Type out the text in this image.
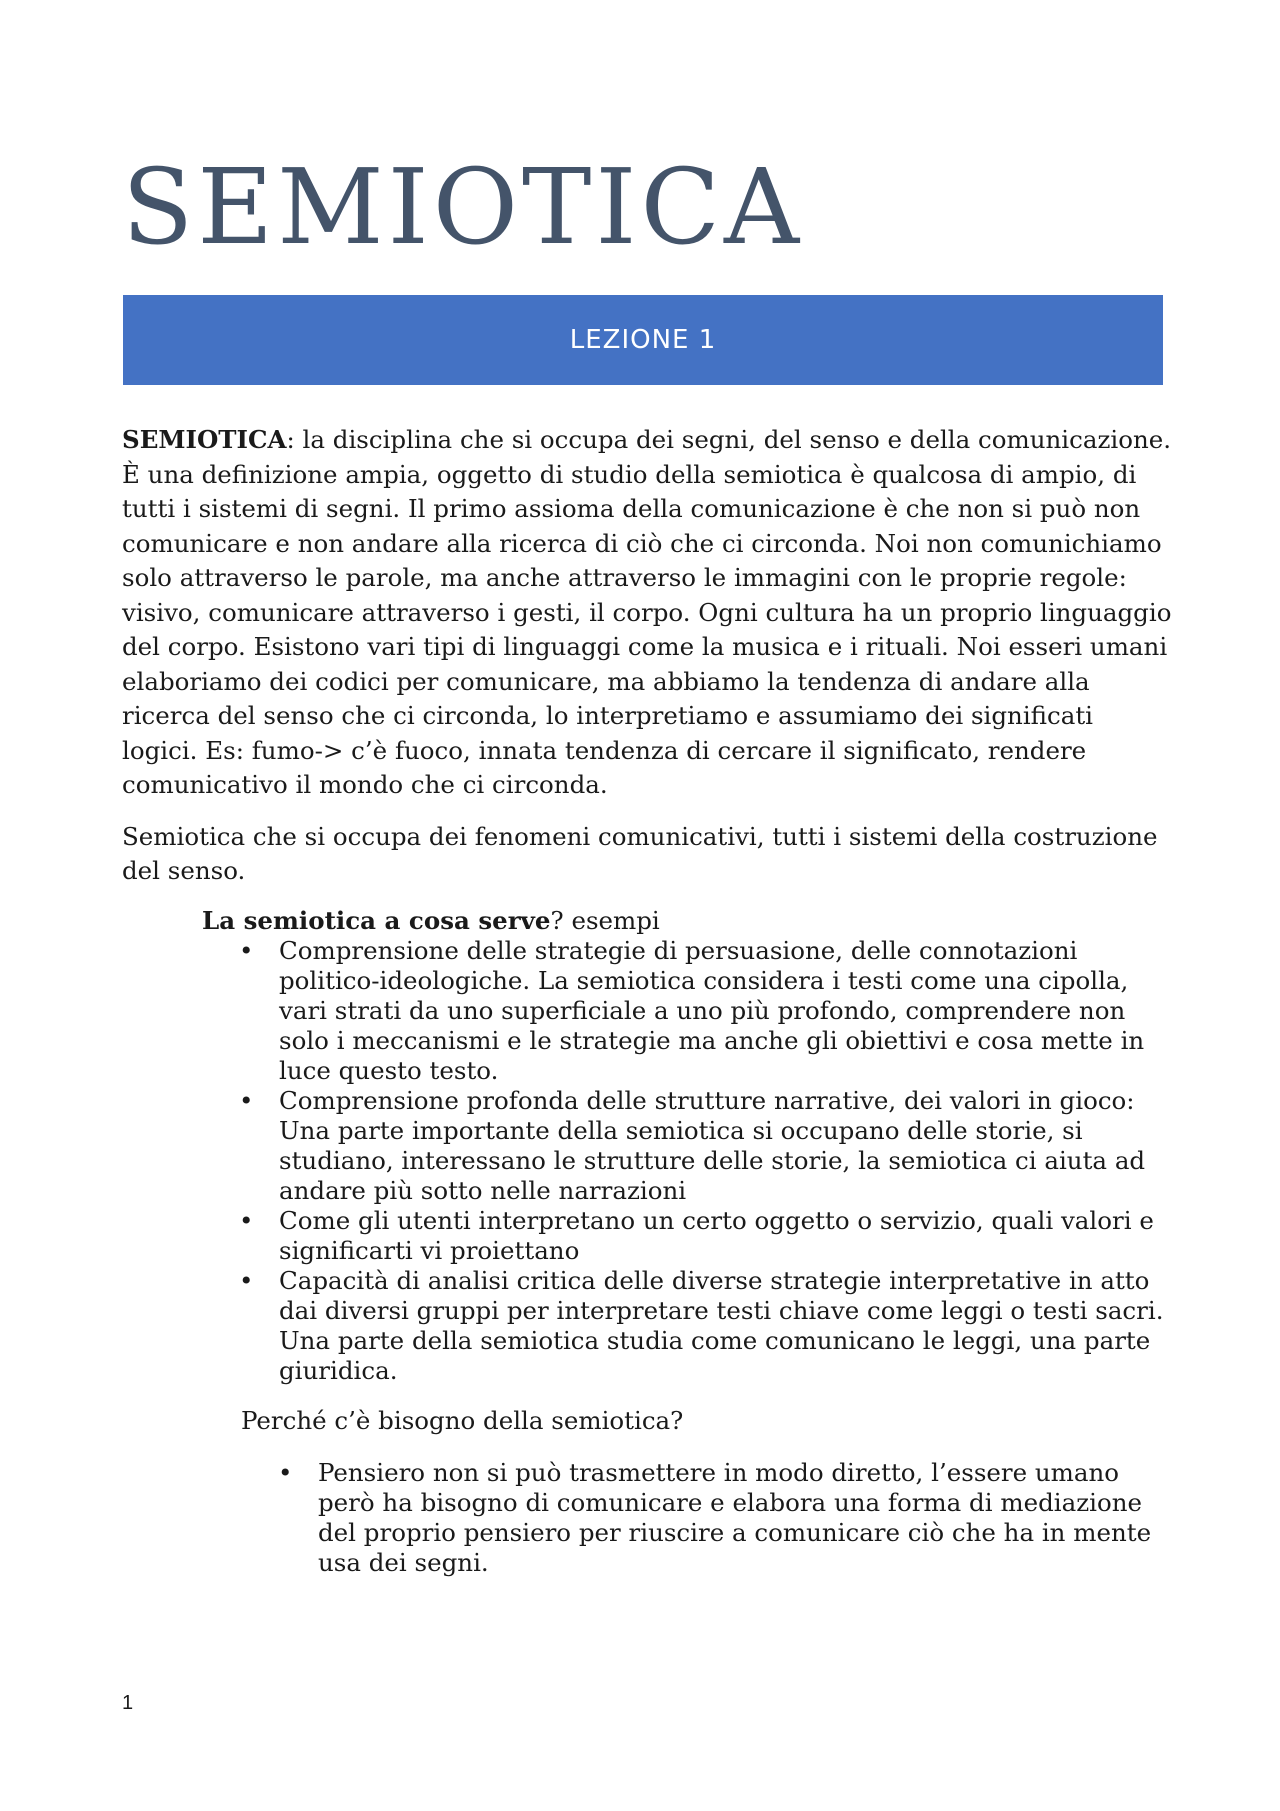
SEMIOTICA
LEZIONE 1

SEMIOTICA: la disciplina che si occupa dei segni, del senso e della comunicazione. È una definizione ampia, oggetto di studio della semiotica è qualcosa di ampio, di tutti i sistemi di segni. Il primo assioma della comunicazione è che non si può non comunicare e non andare alla ricerca di ciò che ci circonda. Noi non comunichiamo solo attraverso le parole, ma anche attraverso le immagini con le proprie regole: visivo, comunicare attraverso i gesti, il corpo. Ogni cultura ha un proprio linguaggio del corpo. Esistono vari tipi di linguaggi come la musica e i rituali. Noi esseri umani elaboriamo dei codici per comunicare, ma abbiamo la tendenza di andare alla ricerca del senso che ci circonda, lo interpretiamo e assumiamo dei significati logici. Es: fumo-> c’è fuoco, innata tendenza di cercare il significato, rendere comunicativo il mondo che ci circonda.

Semiotica che si occupa dei fenomeni comunicativi, tutti i sistemi della costruzione del senso.

La semiotica a cosa serve? esempi
• Comprensione delle strategie di persuasione, delle connotazioni politico-ideologiche. La semiotica considera i testi come una cipolla, vari strati da uno superficiale a uno più profondo, comprendere non solo i meccanismi e le strategie ma anche gli obiettivi e cosa mette in luce questo testo.
• Comprensione profonda delle strutture narrative, dei valori in gioco: Una parte importante della semiotica si occupano delle storie, si studiano, interessano le strutture delle storie, la semiotica ci aiuta ad andare più sotto nelle narrazioni
• Come gli utenti interpretano un certo oggetto o servizio, quali valori e significarti vi proiettano
• Capacità di analisi critica delle diverse strategie interpretative in atto dai diversi gruppi per interpretare testi chiave come leggi o testi sacri. Una parte della semiotica studia come comunicano le leggi, una parte giuridica.
Perché c’è bisogno della semiotica?
• Pensiero non si può trasmettere in modo diretto, l’essere umano però ha bisogno di comunicare e elabora una forma di mediazione del proprio pensiero per riuscire a comunicare ciò che ha in mente usa dei segni.
1
